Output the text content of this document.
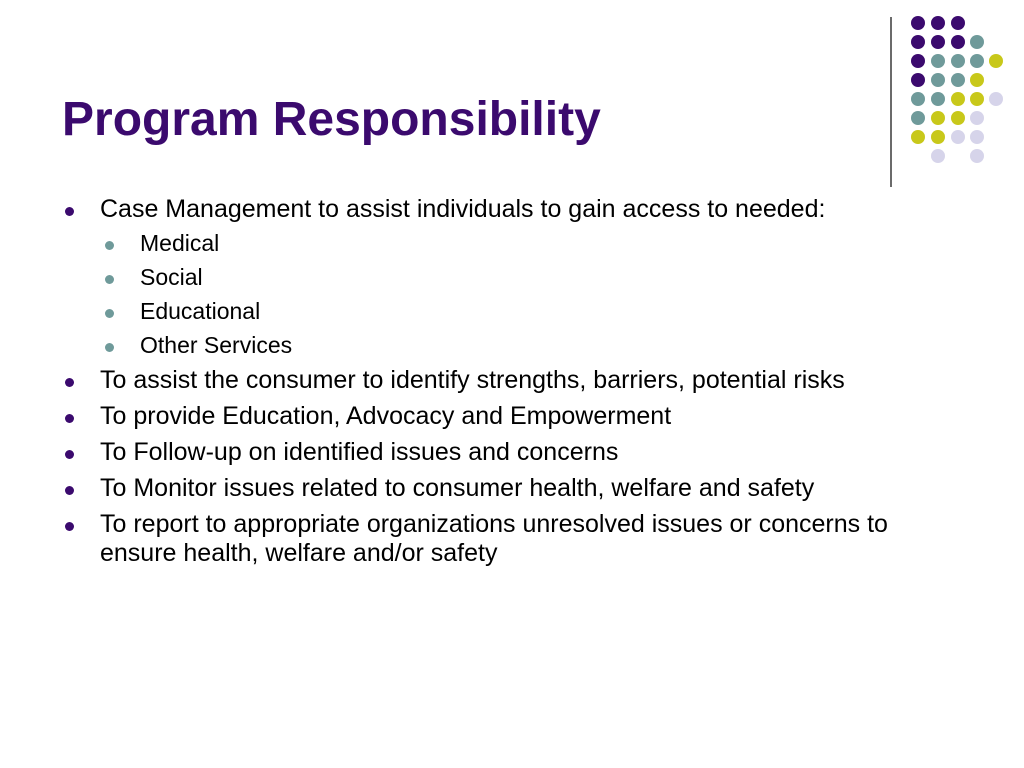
Program Responsibility
Case Management to assist individuals to gain access to needed:
Medical
Social
Educational
Other Services
To assist the consumer to identify strengths, barriers, potential risks
To provide Education, Advocacy and Empowerment
To Follow-up on identified issues and concerns
To Monitor issues related to consumer health, welfare and safety
To report to appropriate organizations unresolved issues or concerns to ensure health, welfare and/or safety
